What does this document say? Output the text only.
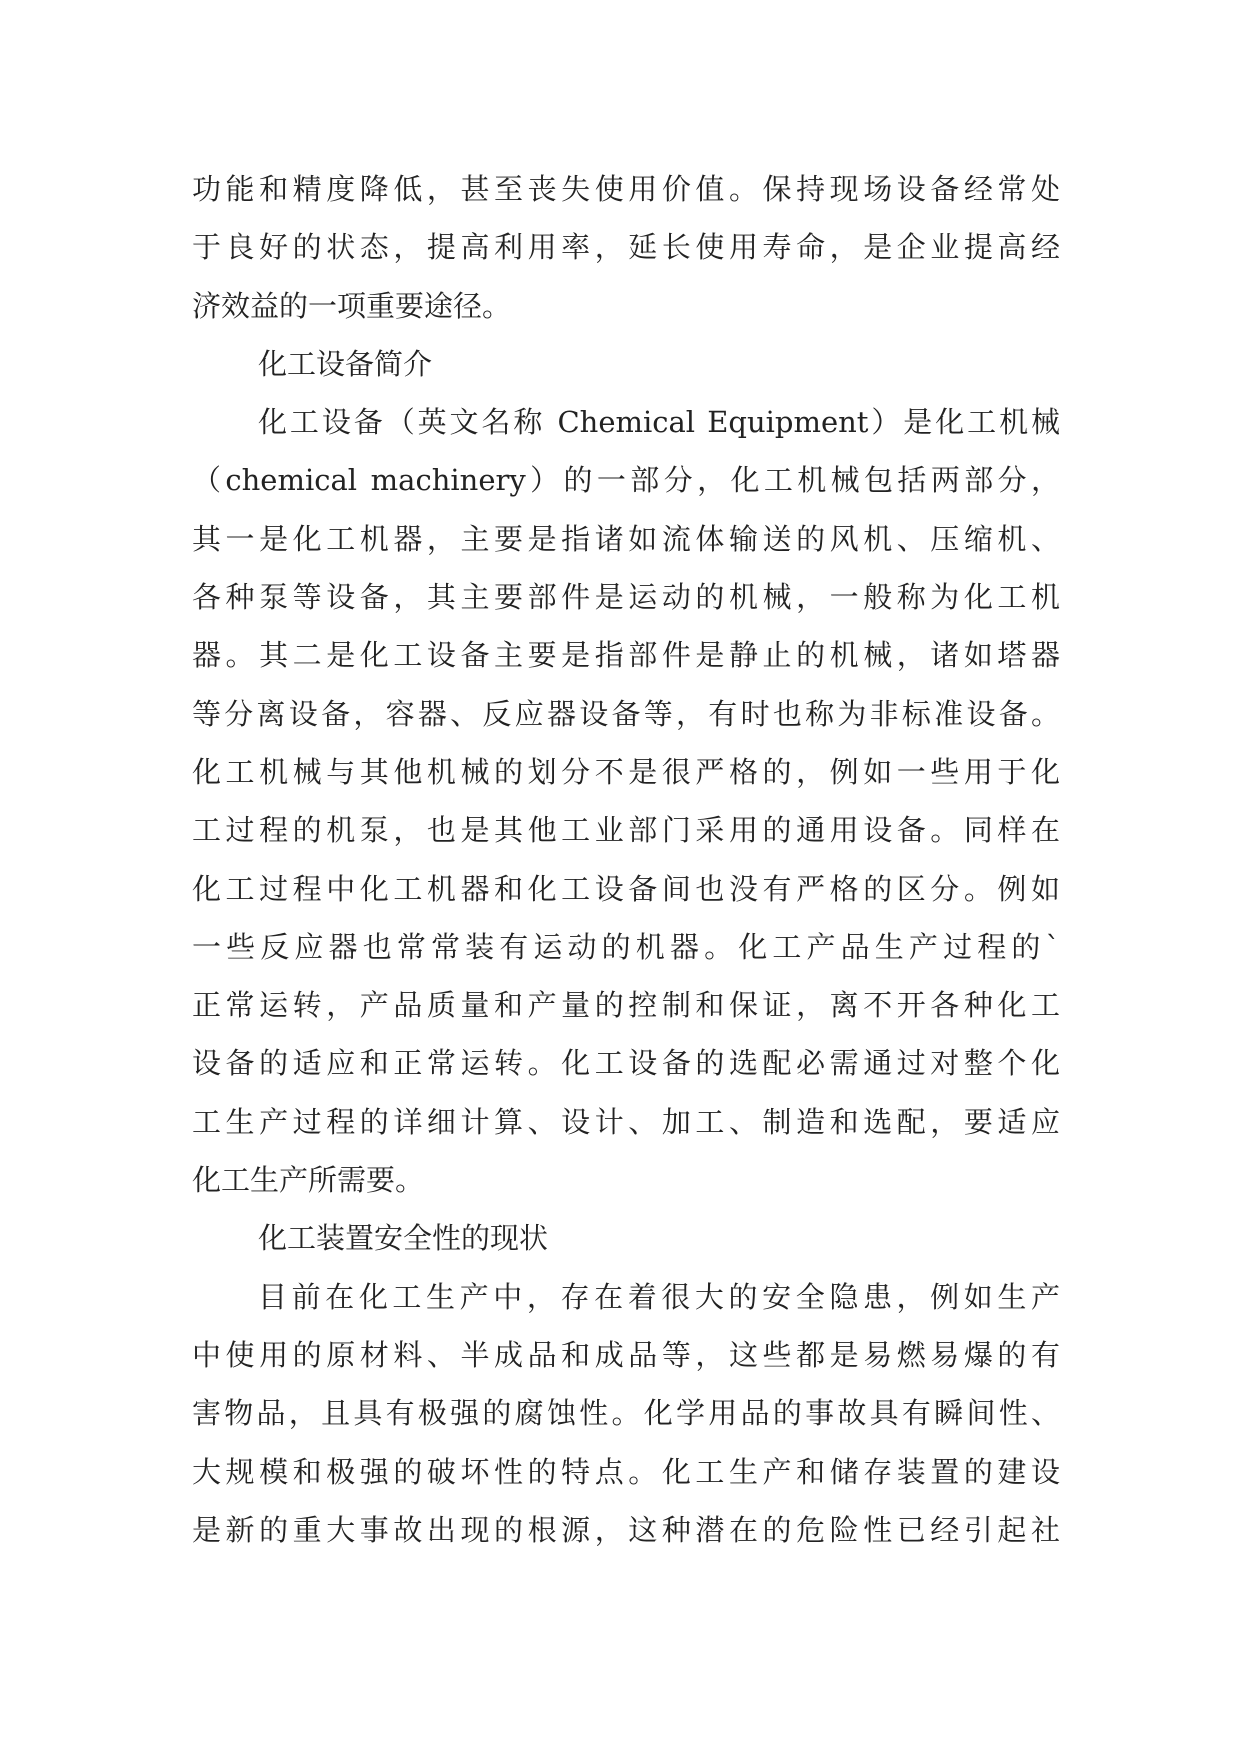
功能和精度降低，甚至丧失使用价值。保持现场设备经常处
于良好的状态，提高利用率，延长使用寿命，是企业提高经
济效益的一项重要途径。
化工设备简介
化工设备（英文名称 Chemical Equipment）是化工机械
（chemical machinery）的一部分，化工机械包括两部分，
其一是化工机器，主要是指诸如流体输送的风机、压缩机、
各种泵等设备，其主要部件是运动的机械，一般称为化工机
器。其二是化工设备主要是指部件是静止的机械，诸如塔器
等分离设备，容器、反应器设备等，有时也称为非标准设备。
化工机械与其他机械的划分不是很严格的，例如一些用于化
工过程的机泵，也是其他工业部门采用的通用设备。同样在
化工过程中化工机器和化工设备间也没有严格的区分。例如
一些反应器也常常装有运动的机器。化工产品生产过程的`
正常运转，产品质量和产量的控制和保证，离不开各种化工
设备的适应和正常运转。化工设备的选配必需通过对整个化
工生产过程的详细计算、设计、加工、制造和选配，要适应
化工生产所需要。
化工装置安全性的现状
目前在化工生产中，存在着很大的安全隐患，例如生产
中使用的原材料、半成品和成品等，这些都是易燃易爆的有
害物品，且具有极强的腐蚀性。化学用品的事故具有瞬间性、
大规模和极强的破坏性的特点。化工生产和储存装置的建设
是新的重大事故出现的根源，这种潜在的危险性已经引起社
